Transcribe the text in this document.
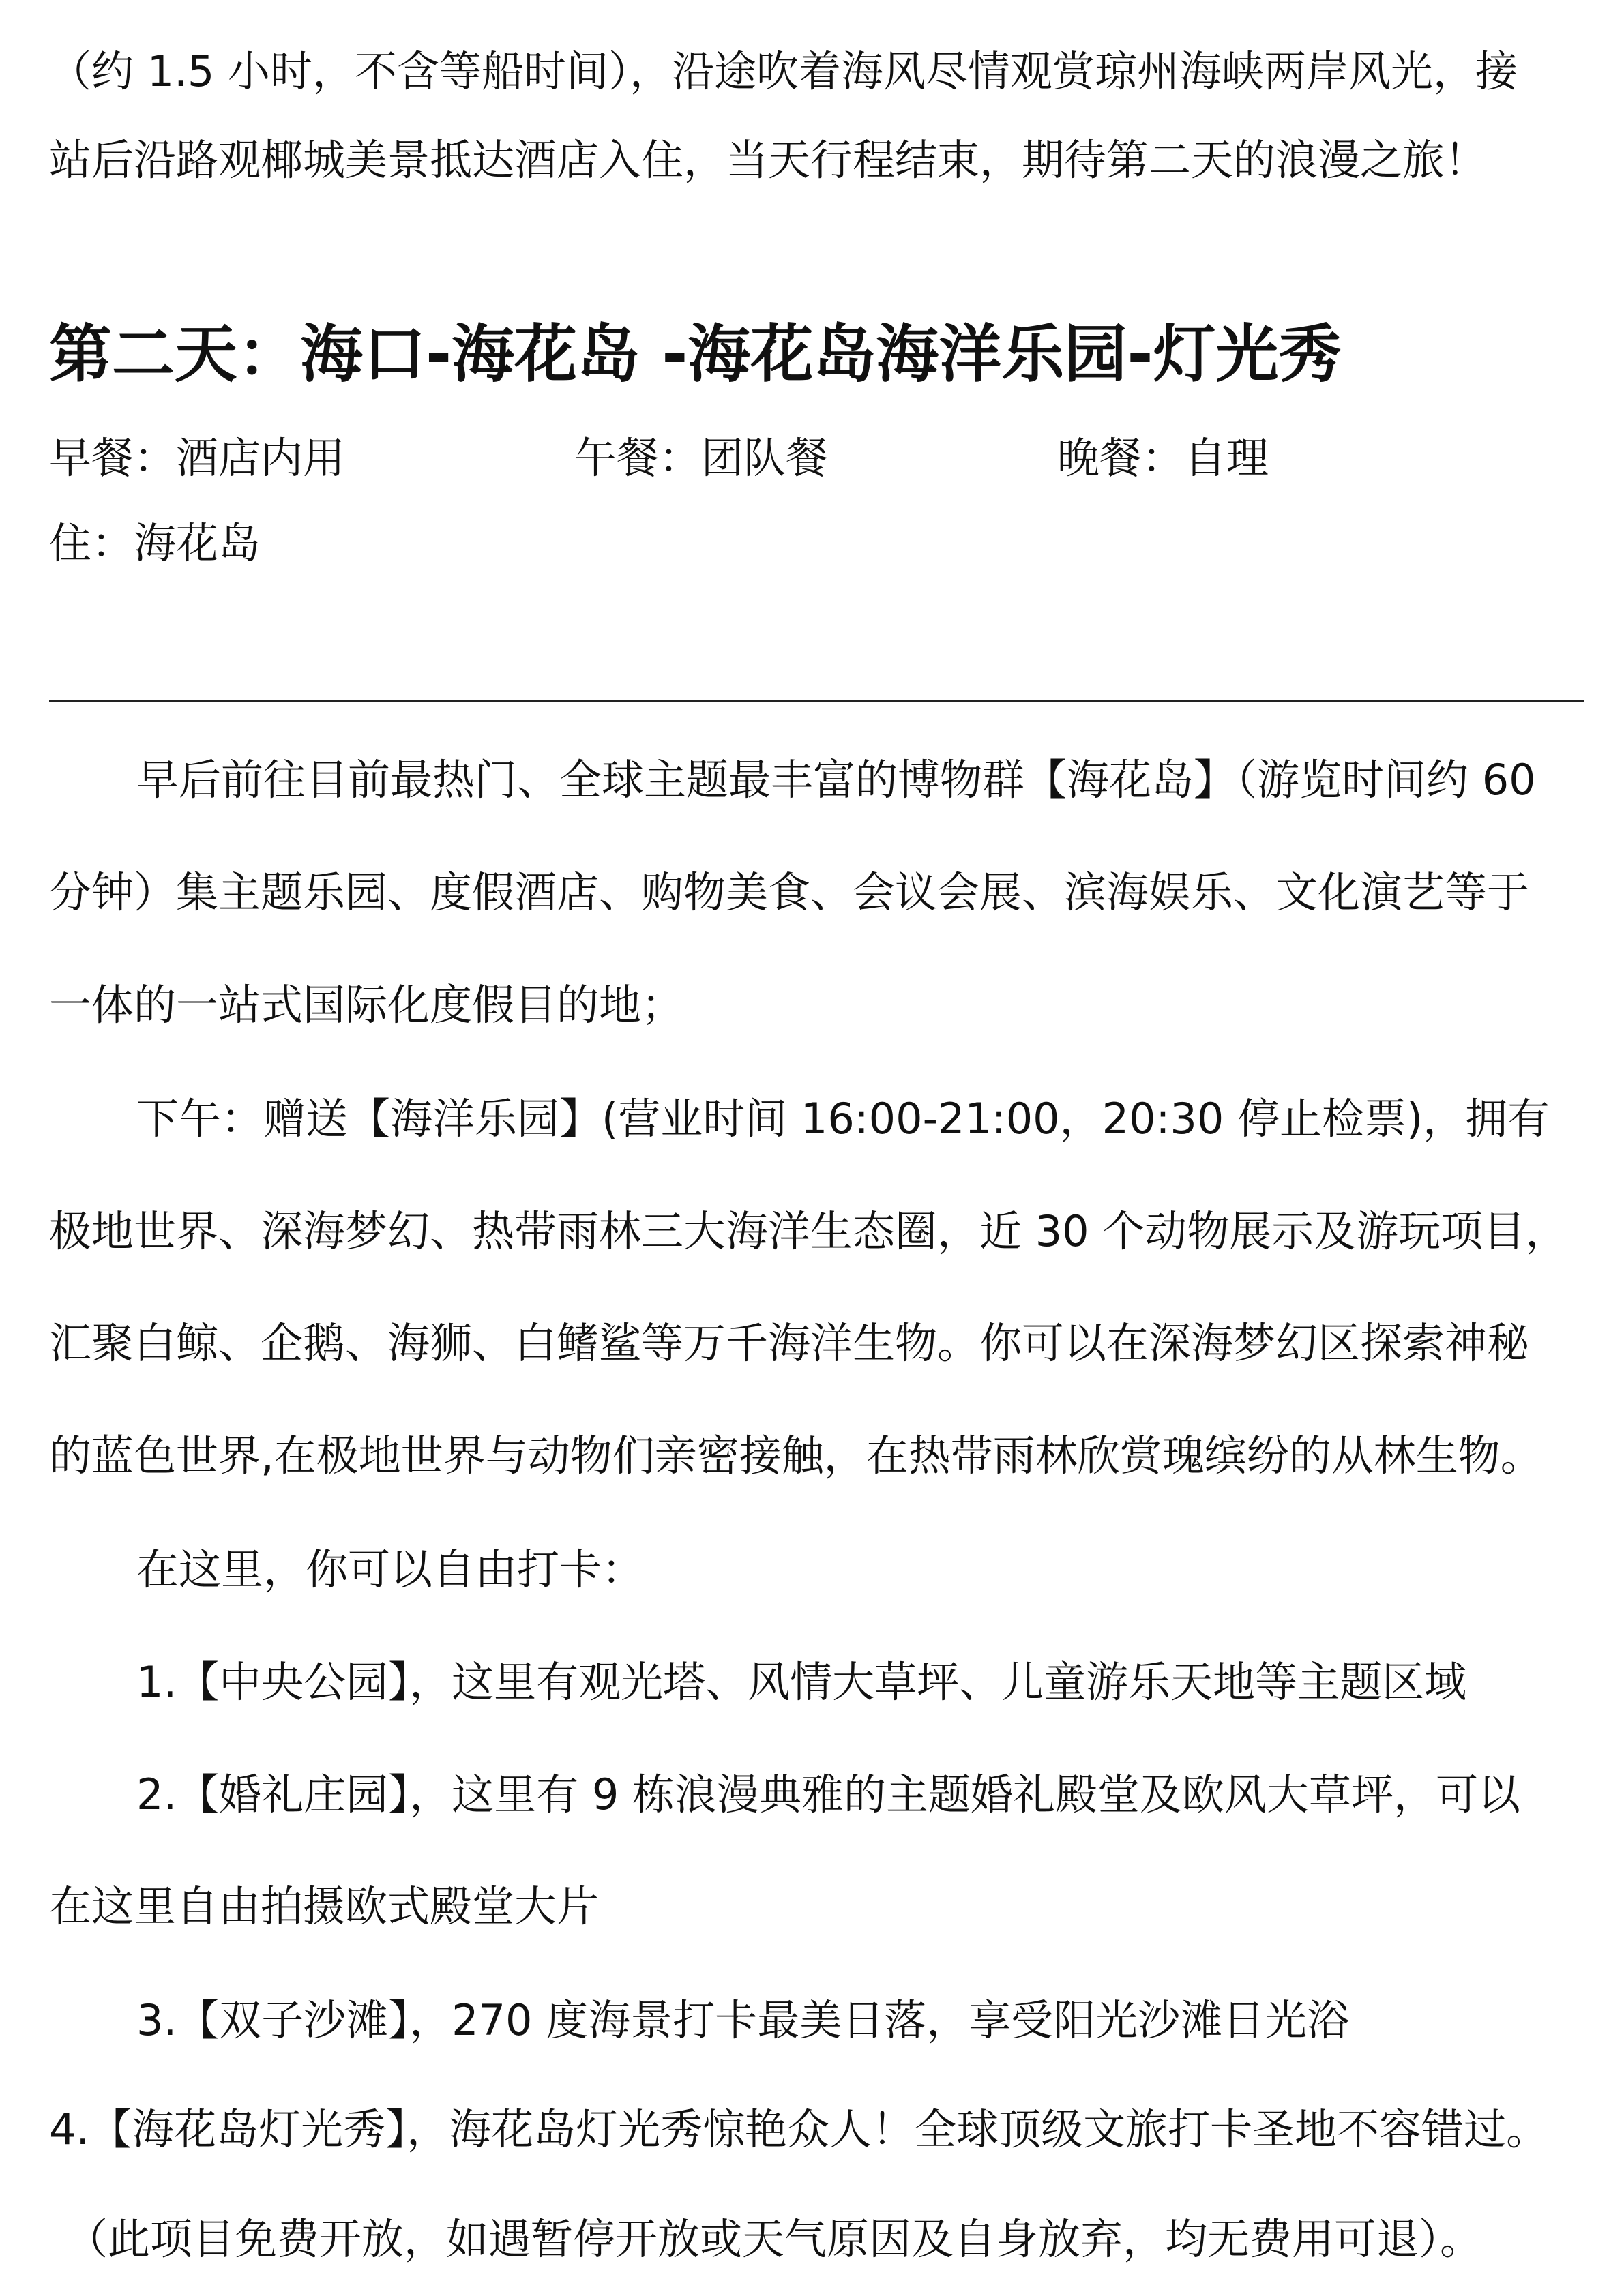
（约 1.5 小时，不含等船时间），沿途吹着海风尽情观赏琼州海峡两岸风光，接
站后沿路观椰城美景抵达酒店入住，当天行程结束，期待第二天的浪漫之旅！
第二天：海口-海花岛 -海花岛海洋乐园-灯光秀
早餐：酒店内用	午餐：团队餐	晚餐：自理
住：海花岛
早后前往目前最热门、全球主题最丰富的博物群【海花岛】（游览时间约 60
分钟）集主题乐园、度假酒店、购物美食、会议会展、滨海娱乐、文化演艺等于
一体的一站式国际化度假目的地；
下午：赠送【海洋乐园】(营业时间 16:00-21:00，20:30 停止检票)，拥有
极地世界、深海梦幻、热带雨林三大海洋生态圈，近 30 个动物展示及游玩项目，
汇聚白鲸、企鹅、海狮、白鳍鲨等万千海洋生物。你可以在深海梦幻区探索神秘
的蓝色世界,在极地世界与动物们亲密接触，在热带雨林欣赏瑰缤纷的从林生物。
在这里，你可以自由打卡：
1.【中央公园】，这里有观光塔、风情大草坪、儿童游乐天地等主题区域
2.【婚礼庄园】，这里有 9 栋浪漫典雅的主题婚礼殿堂及欧风大草坪，可以
在这里自由拍摄欧式殿堂大片
3.【双子沙滩】，270 度海景打卡最美日落，享受阳光沙滩日光浴
4.【海花岛灯光秀】，海花岛灯光秀惊艳众人！全球顶级文旅打卡圣地不容错过。
（此项目免费开放，如遇暂停开放或天气原因及自身放弃，均无费用可退）。
